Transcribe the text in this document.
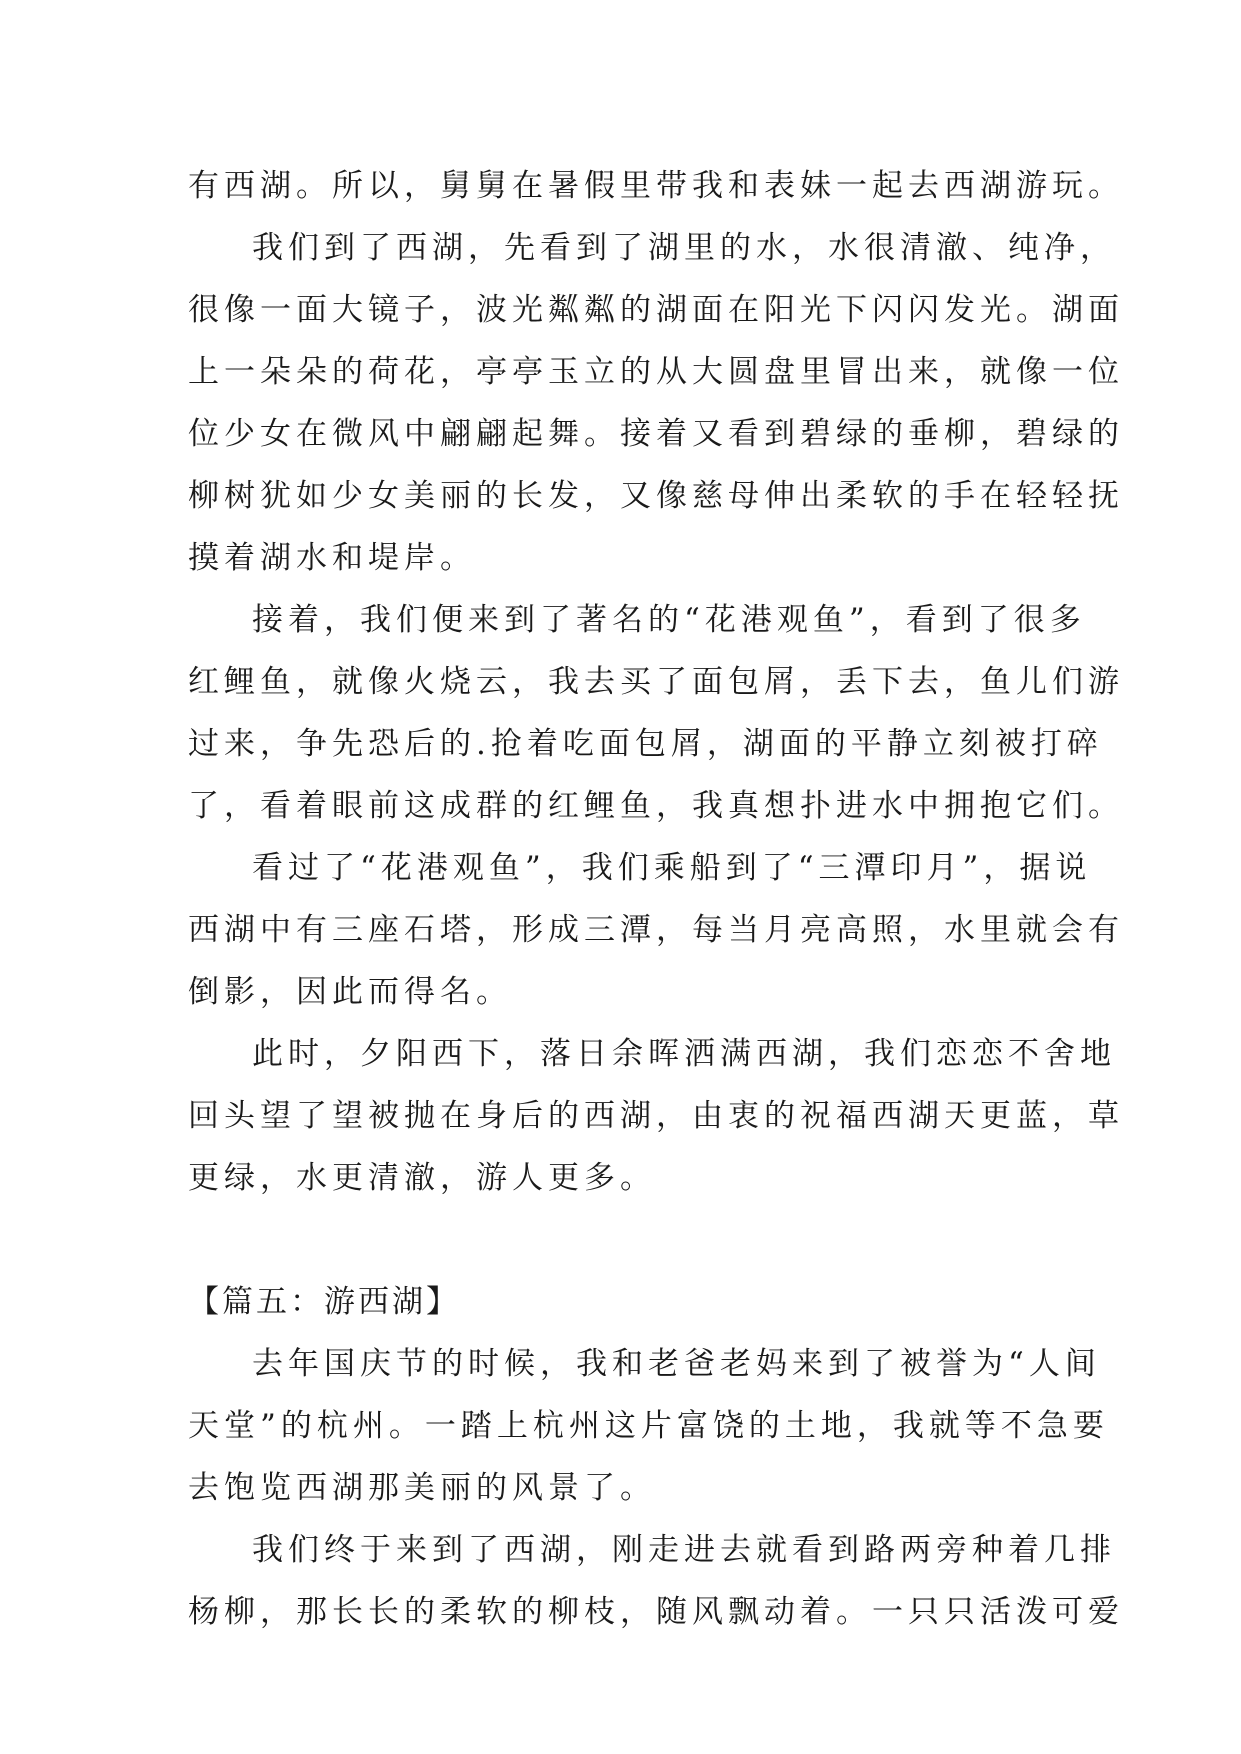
有西湖。所以，舅舅在暑假里带我和表妹一起去西湖游玩。
我们到了西湖，先看到了湖里的水，水很清澈、纯净，
很像一面大镜子，波光粼粼的湖面在阳光下闪闪发光。湖面
上一朵朵的荷花，亭亭玉立的从大圆盘里冒出来，就像一位
位少女在微风中翩翩起舞。接着又看到碧绿的垂柳，碧绿的
柳树犹如少女美丽的长发，又像慈母伸出柔软的手在轻轻抚
摸着湖水和堤岸。
接着，我们便来到了著名的“花港观鱼”，看到了很多
红鲤鱼，就像火烧云，我去买了面包屑，丢下去，鱼儿们游
过来，争先恐后的.抢着吃面包屑，湖面的平静立刻被打碎
了，看着眼前这成群的红鲤鱼，我真想扑进水中拥抱它们。
看过了“花港观鱼”，我们乘船到了“三潭印月”，据说
西湖中有三座石塔，形成三潭，每当月亮高照，水里就会有
倒影，因此而得名。
此时，夕阳西下，落日余晖洒满西湖，我们恋恋不舍地
回头望了望被抛在身后的西湖，由衷的祝福西湖天更蓝，草
更绿，水更清澈，游人更多。
【篇五：游西湖】
去年国庆节的时候，我和老爸老妈来到了被誉为“人间
天堂”的杭州。一踏上杭州这片富饶的土地，我就等不急要
去饱览西湖那美丽的风景了。
我们终于来到了西湖，刚走进去就看到路两旁种着几排
杨柳，那长长的柔软的柳枝，随风飘动着。一只只活泼可爱
